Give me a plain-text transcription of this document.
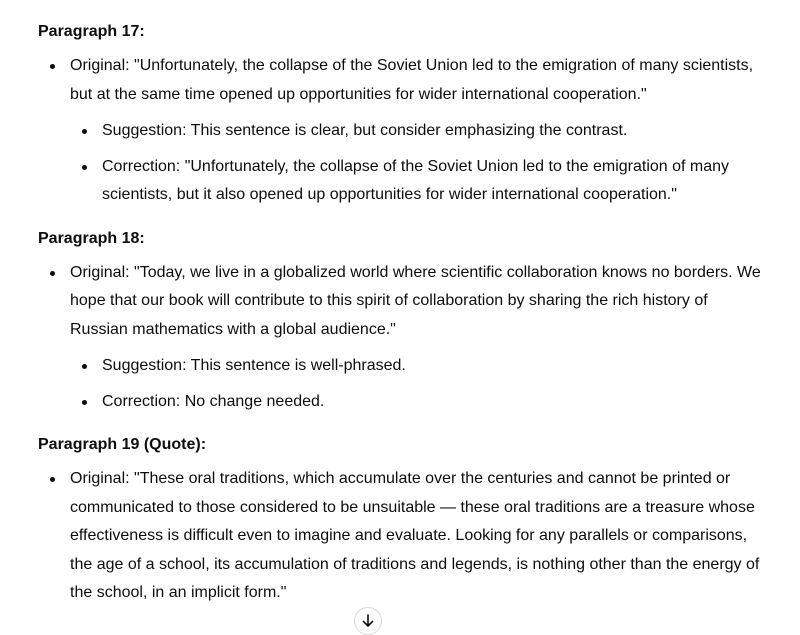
Paragraph 17:

Original: "Unfortunately, the collapse of the Soviet Union led to the emigration of many scientists, but at the same time opened up opportunities for wider international cooperation."
Suggestion: This sentence is clear, but consider emphasizing the contrast.
Correction: "Unfortunately, the collapse of the Soviet Union led to the emigration of many scientists, but it also opened up opportunities for wider international cooperation."

Paragraph 18:

Original: "Today, we live in a globalized world where scientific collaboration knows no borders. We hope that our book will contribute to this spirit of collaboration by sharing the rich history of Russian mathematics with a global audience."
Suggestion: This sentence is well-phrased.
Correction: No change needed.

Paragraph 19 (Quote):

Original: "These oral traditions, which accumulate over the centuries and cannot be printed or communicated to those considered to be unsuitable — these oral traditions are a treasure whose effectiveness is difficult even to imagine and evaluate. Looking for any parallels or comparisons, the age of a school, its accumulation of traditions and legends, is nothing other than the energy of the school, in an implicit form."
